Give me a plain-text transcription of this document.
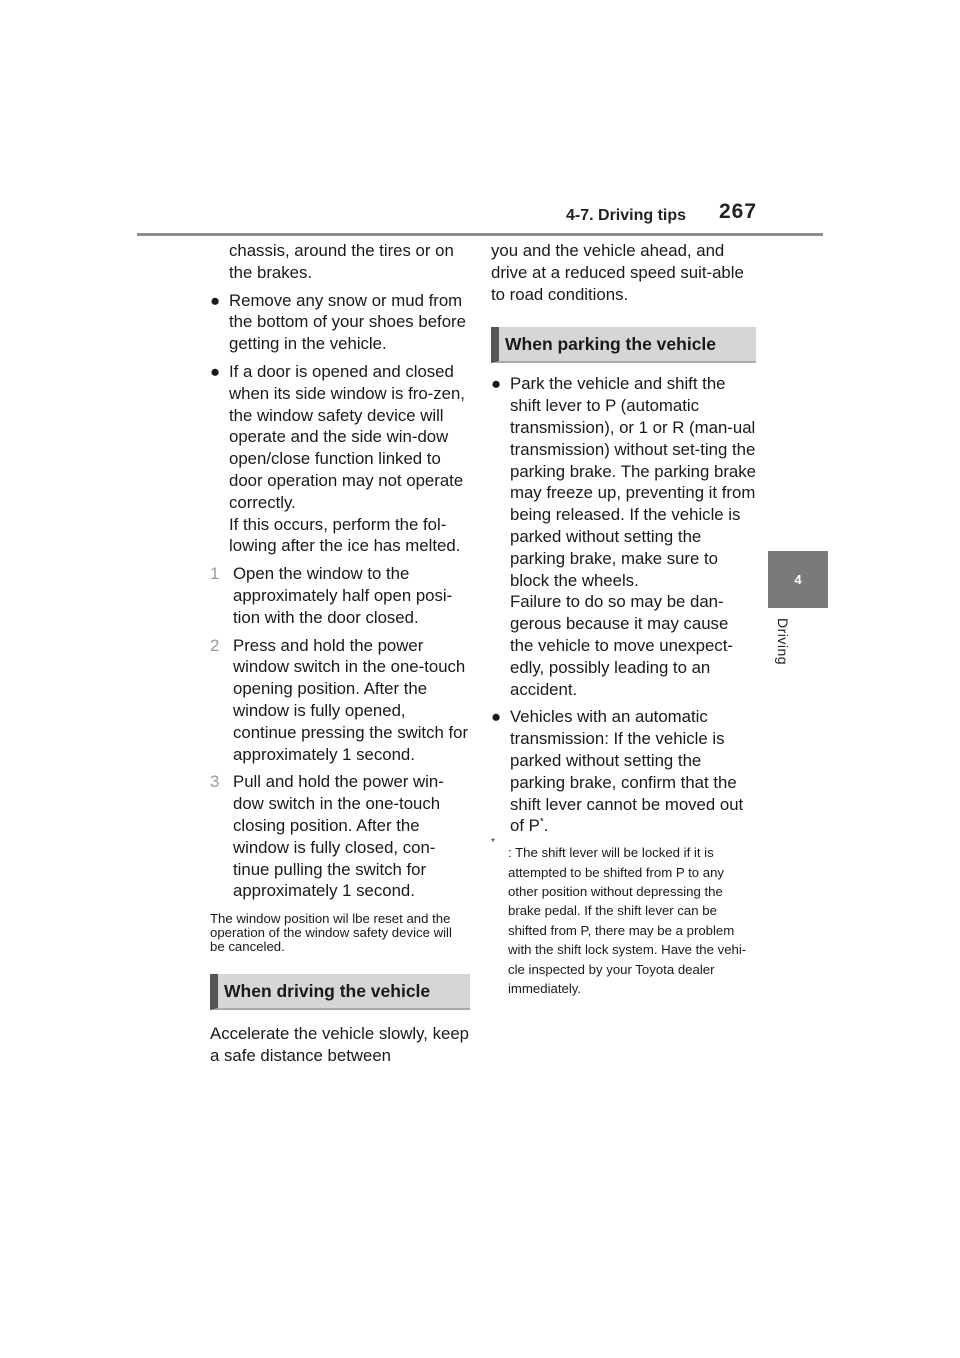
4-7. Driving tips 267
4
Driving

chassis, around the tires or on the brakes.

● Remove any snow or mud from the bottom of your shoes before getting in the vehicle.
● If a door is opened and closed when its side window is fro-zen, the window safety device will operate and the side win-dow open/close function linked to door operation may not operate correctly.

If this occurs, perform the fol-lowing after the ice has melted.

1 Open the window to the approximately half open posi-tion with the door closed.
2 Press and hold the power window switch in the one-touch opening position. After the window is fully opened, continue pressing the switch for approximately 1 second.
3 Pull and hold the power win-dow switch in the one-touch closing position. After the window is fully closed, con-tinue pulling the switch for approximately 1 second.

The window position wil lbe reset and the operation of the window safety device will be canceled.

When driving the vehicle

Accelerate the vehicle slowly, keep a safe distance between

you and the vehicle ahead, and drive at a reduced speed suit-able to road conditions.

When parking the vehicle
● Park the vehicle and shift the shift lever to P (automatic transmission), or 1 or R (man-ual transmission) without set-ting the parking brake. The parking brake may freeze up, preventing it from being released. If the vehicle is parked without setting the parking brake, make sure to block the wheels.

Failure to do so may be dan-gerous because it may cause the vehicle to move unexpect-edly, possibly leading to an accident.

● Vehicles with an automatic transmission: If the vehicle is parked without setting the parking brake, confirm that the shift lever cannot be moved out of P*.
*
: The shift lever will be locked if it is attempted to be shifted from P to any other position without depressing the brake pedal. If the shift lever can be shifted from P, there may be a problem with the shift lock system. Have the vehi-cle inspected by your Toyota dealer immediately.
